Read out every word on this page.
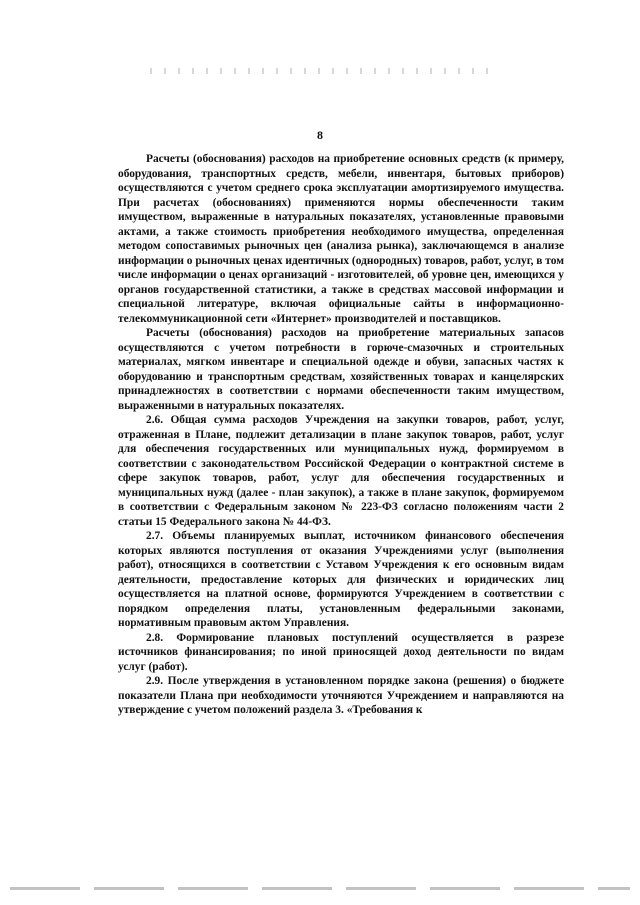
8

Расчеты (обоснования) расходов на приобретение основных средств (к примеру, оборудования, транспортных средств, мебели, инвентаря, бытовых приборов) осуществляются с учетом среднего срока эксплуатации амортизируемого имущества. При расчетах (обоснованиях) применяются нормы обеспеченности таким имуществом, выраженные в натуральных показателях, установленные правовыми актами, а также стоимость приобретения необходимого имущества, определенная методом сопоставимых рыночных цен (анализа рынка), заключающемся в анализе информации о рыночных ценах идентичных (однородных) товаров, работ, услуг, в том числе информации о ценах организаций - изготовителей, об уровне цен, имеющихся у органов государственной статистики, а также в средствах массовой информации и специальной литературе, включая официальные сайты в информационно-телекоммуникационной сети «Интернет» производителей и поставщиков.

Расчеты (обоснования) расходов на приобретение материальных запасов осуществляются с учетом потребности в горюче-смазочных и строительных материалах, мягком инвентаре и специальной одежде и обуви, запасных частях к оборудованию и транспортным средствам, хозяйственных товарах и канцелярских принадлежностях в соответствии с нормами обеспеченности таким имуществом, выраженными в натуральных показателях.

2.6. Общая сумма расходов Учреждения на закупки товаров, работ, услуг, отраженная в Плане, подлежит детализации в плане закупок товаров, работ, услуг для обеспечения государственных или муниципальных нужд, формируемом в соответствии с законодательством Российской Федерации о контрактной системе в сфере закупок товаров, работ, услуг для обеспечения государственных и муниципальных нужд (далее - план закупок), а также в плане закупок, формируемом в соответствии с Федеральным законом № 223-ФЗ согласно положениям части 2 статьи 15 Федерального закона № 44-ФЗ.

2.7. Объемы планируемых выплат, источником финансового обеспечения которых являются поступления от оказания Учреждениями услуг (выполнения работ), относящихся в соответствии с Уставом Учреждения к его основным видам деятельности, предоставление которых для физических и юридических лиц осуществляется на платной основе, формируются Учреждением в соответствии с порядком определения платы, установленным федеральными законами, нормативным правовым актом Управления.

2.8. Формирование плановых поступлений осуществляется в разрезе источников финансирования; по иной приносящей доход деятельности по видам услуг (работ).

2.9. После утверждения в установленном порядке закона (решения) о бюджете показатели Плана при необходимости уточняются Учреждением и направляются на утверждение с учетом положений раздела 3. «Требования к
